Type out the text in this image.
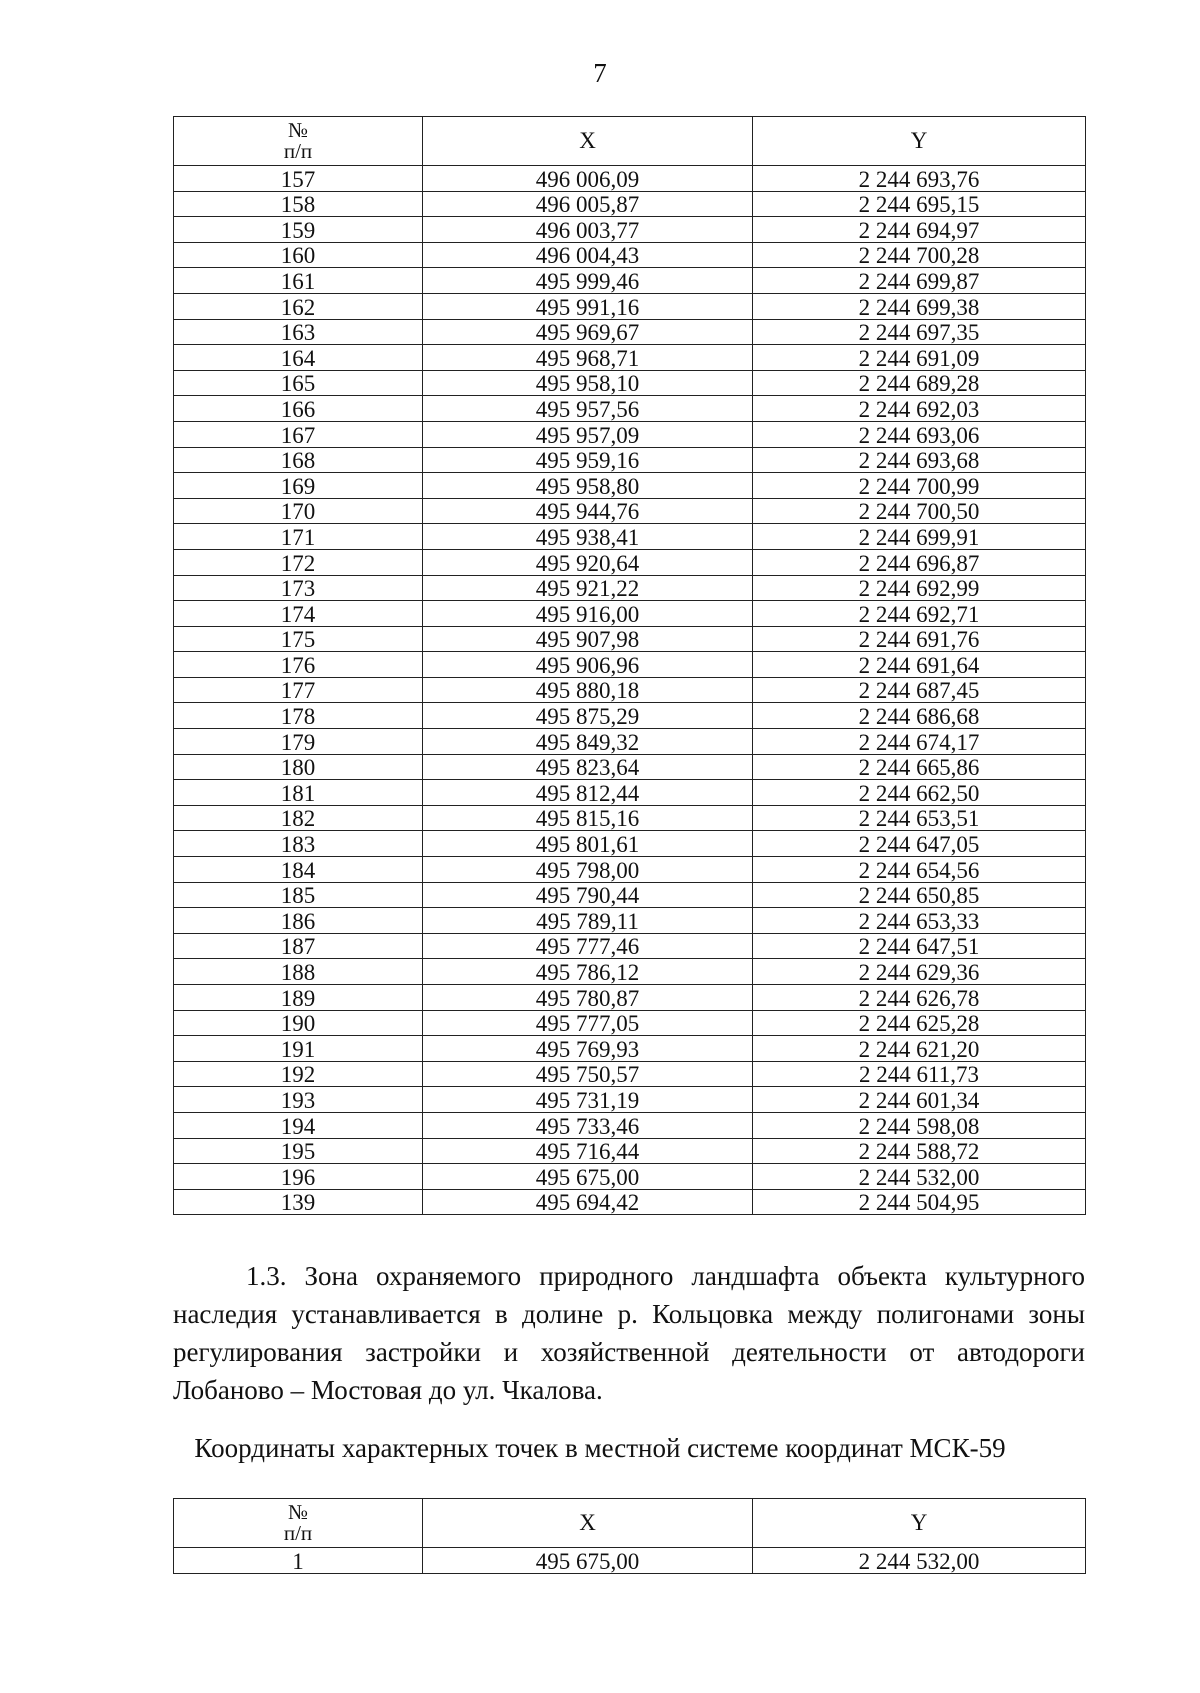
7
№
п/п	X	Y
157	496 006,09	2 244 693,76
158	496 005,87	2 244 695,15
159	496 003,77	2 244 694,97
160	496 004,43	2 244 700,28
161	495 999,46	2 244 699,87
162	495 991,16	2 244 699,38
163	495 969,67	2 244 697,35
164	495 968,71	2 244 691,09
165	495 958,10	2 244 689,28
166	495 957,56	2 244 692,03
167	495 957,09	2 244 693,06
168	495 959,16	2 244 693,68
169	495 958,80	2 244 700,99
170	495 944,76	2 244 700,50
171	495 938,41	2 244 699,91
172	495 920,64	2 244 696,87
173	495 921,22	2 244 692,99
174	495 916,00	2 244 692,71
175	495 907,98	2 244 691,76
176	495 906,96	2 244 691,64
177	495 880,18	2 244 687,45
178	495 875,29	2 244 686,68
179	495 849,32	2 244 674,17
180	495 823,64	2 244 665,86
181	495 812,44	2 244 662,50
182	495 815,16	2 244 653,51
183	495 801,61	2 244 647,05
184	495 798,00	2 244 654,56
185	495 790,44	2 244 650,85
186	495 789,11	2 244 653,33
187	495 777,46	2 244 647,51
188	495 786,12	2 244 629,36
189	495 780,87	2 244 626,78
190	495 777,05	2 244 625,28
191	495 769,93	2 244 621,20
192	495 750,57	2 244 611,73
193	495 731,19	2 244 601,34
194	495 733,46	2 244 598,08
195	495 716,44	2 244 588,72
196	495 675,00	2 244 532,00
139	495 694,42	2 244 504,95
1.3. Зона охраняемого природного ландшафта объекта культурного наследия устанавливается в долине р. Кольцовка между полигонами зоны регулирования застройки и хозяйственной деятельности от автодороги Лобаново – Мостовая до ул. Чкалова.
Координаты характерных точек в местной системе координат МСК-59
№
п/п	X	Y
1	495 675,00	2 244 532,00
